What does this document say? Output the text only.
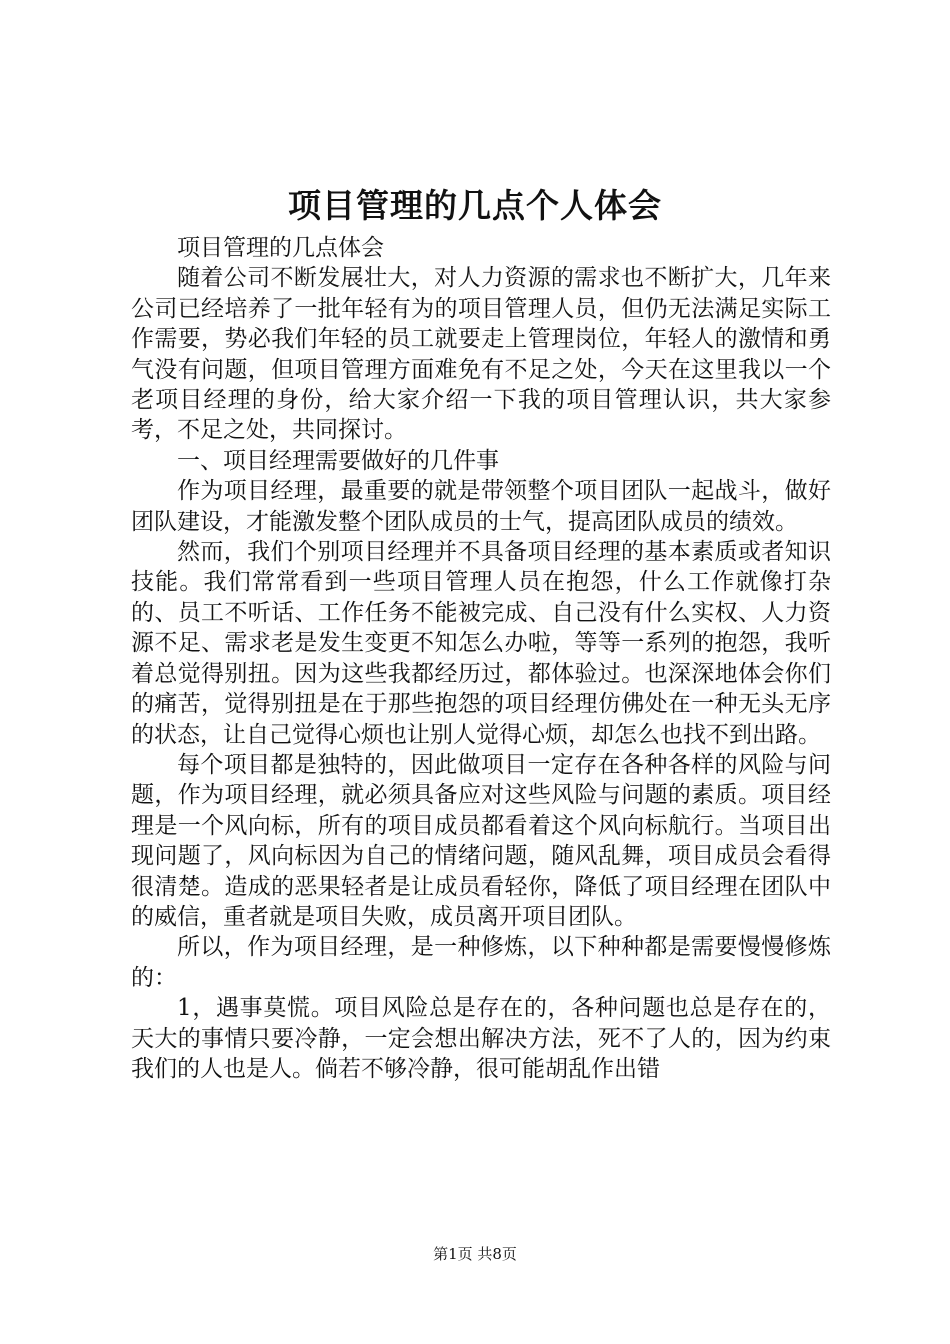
项目管理的几点个人体会

项目管理的几点体会

随着公司不断发展壮大，对人力资源的需求也不断扩大，几年来公司已经培养了一批年轻有为的项目管理人员，但仍无法满足实际工作需要，势必我们年轻的员工就要走上管理岗位，年轻人的激情和勇气没有问题，但项目管理方面难免有不足之处，今天在这里我以一个老项目经理的身份，给大家介绍一下我的项目管理认识，共大家参考，不足之处，共同探讨。

一、项目经理需要做好的几件事

作为项目经理，最重要的就是带领整个项目团队一起战斗，做好团队建设，才能激发整个团队成员的士气，提高团队成员的绩效。

然而，我们个别项目经理并不具备项目经理的基本素质或者知识技能。我们常常看到一些项目管理人员在抱怨，什么工作就像打杂的、员工不听话、工作任务不能被完成、自己没有什么实权、人力资源不足、需求老是发生变更不知怎么办啦，等等一系列的抱怨，我听着总觉得别扭。因为这些我都经历过，都体验过。也深深地体会你们的痛苦，觉得别扭是在于那些抱怨的项目经理仿佛处在一种无头无序的状态，让自己觉得心烦也让别人觉得心烦，却怎么也找不到出路。

每个项目都是独特的，因此做项目一定存在各种各样的风险与问题，作为项目经理，就必须具备应对这些风险与问题的素质。项目经理是一个风向标，所有的项目成员都看着这个风向标航行。当项目出现问题了，风向标因为自己的情绪问题，随风乱舞，项目成员会看得很清楚。造成的恶果轻者是让成员看轻你，降低了项目经理在团队中的威信，重者就是项目失败，成员离开项目团队。

所以，作为项目经理，是一种修炼，以下种种都是需要慢慢修炼的：

1，遇事莫慌。项目风险总是存在的，各种问题也总是存在的，天大的事情只要冷静，一定会想出解决方法，死不了人的，因为约束我们的人也是人。倘若不够冷静，很可能胡乱作出错

第1页 共8页
